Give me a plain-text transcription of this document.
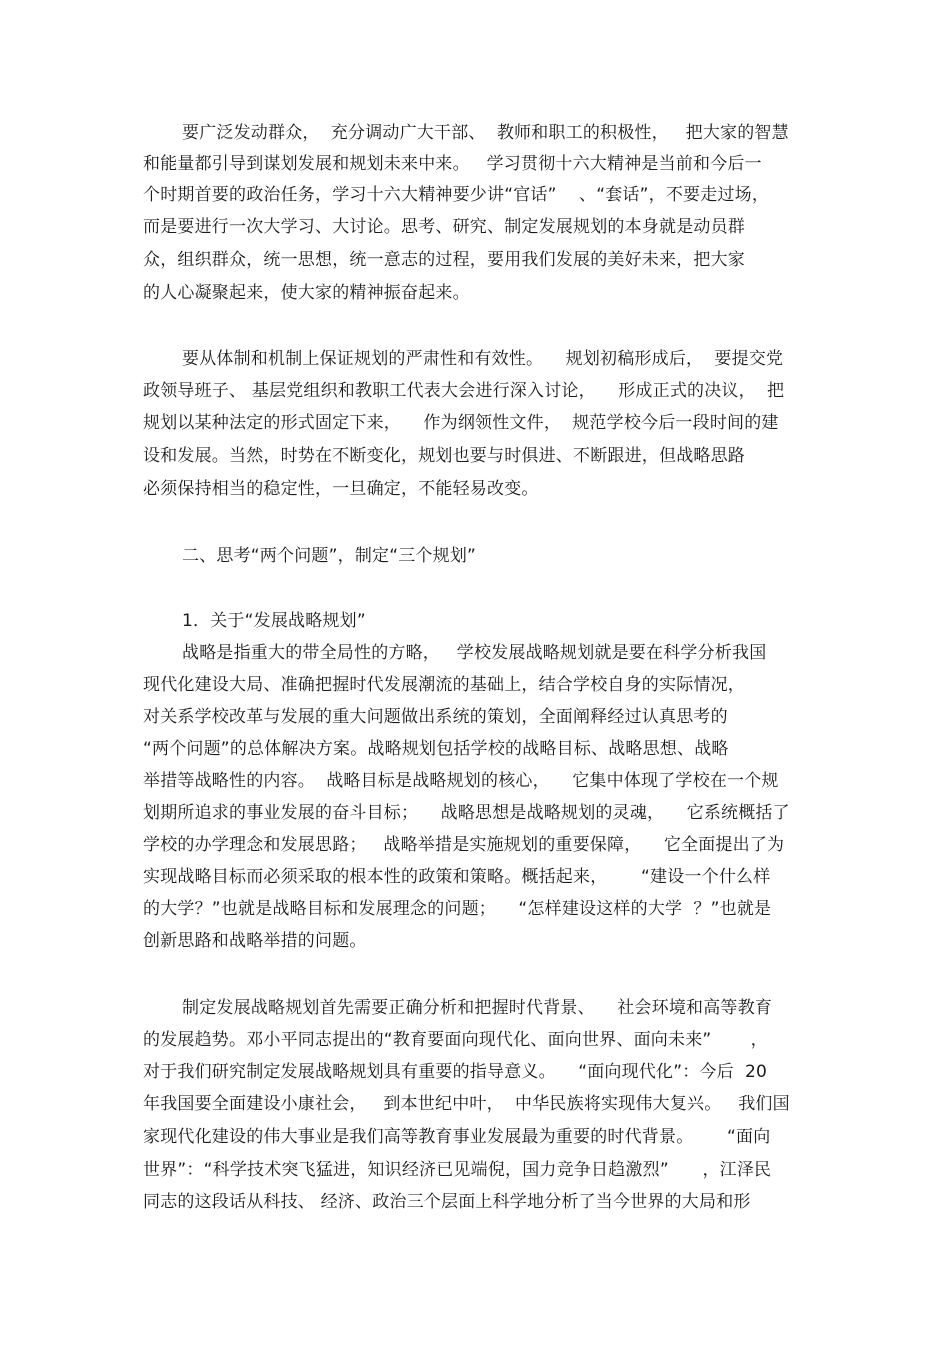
要广泛发动群众，  充分调动广大干部、  教师和职工的积极性，   把大家的智慧
和能量都引导到谋划发展和规划未来中来。   学习贯彻十六大精神是当前和今后一
个时期首要的政治任务，学习十六大精神要少讲“官话”    、“套话”，不要走过场，
而是要进行一次大学习、大讨论。思考、研究、制定发展规划的本身就是动员群
众，组织群众，统一思想，统一意志的过程，要用我们发展的美好未来，把大家
的人心凝聚起来，使大家的精神振奋起来。
要从体制和机制上保证规划的严肃性和有效性。    规划初稿形成后，  要提交党
政领导班子、 基层党组织和教职工代表大会进行深入讨论，    形成正式的决议，  把
规划以某种法定的形式固定下来，    作为纲领性文件，  规范学校今后一段时间的建
设和发展。当然，时势在不断变化，规划也要与时俱进、不断跟进，但战略思路
必须保持相当的稳定性，一旦确定，不能轻易改变。
二、思考“两个问题”，制定“三个规划”
1．关于“发展战略规划”
战略是指重大的带全局性的方略，   学校发展战略规划就是要在科学分析我国
现代化建设大局、准确把握时代发展潮流的基础上，结合学校自身的实际情况，
对关系学校改革与发展的重大问题做出系统的策划，全面阐释经过认真思考的
“两个问题”的总体解决方案。战略规划包括学校的战略目标、战略思想、战略
举措等战略性的内容。  战略目标是战略规划的核心，    它集中体现了学校在一个规
划期所追求的事业发展的奋斗目标；    战略思想是战略规划的灵魂，    它系统概括了
学校的办学理念和发展思路；   战略举措是实施规划的重要保障，    它全面提出了为
实现战略目标而必须采取的根本性的政策和策略。概括起来，      “建设一个什么样
的大学？”也就是战略目标和发展理念的问题；    “怎样建设这样的大学  ？”也就是
创新思路和战略举措的问题。
制定发展战略规划首先需要正确分析和把握时代背景、    社会环境和高等教育
的发展趋势。邓小平同志提出的“教育要面向现代化、面向世界、面向未来”       ，
对于我们研究制定发展战略规划具有重要的指导意义。    “面向现代化”：今后  20
年我国要全面建设小康社会，   到本世纪中叶，  中华民族将实现伟大复兴。   我们国
家现代化建设的伟大事业是我们高等教育事业发展最为重要的时代背景。      “面向
世界”：“科学技术突飞猛进，知识经济已见端倪，国力竞争日趋激烈”      ，江泽民
同志的这段话从科技、 经济、政治三个层面上科学地分析了当今世界的大局和形
